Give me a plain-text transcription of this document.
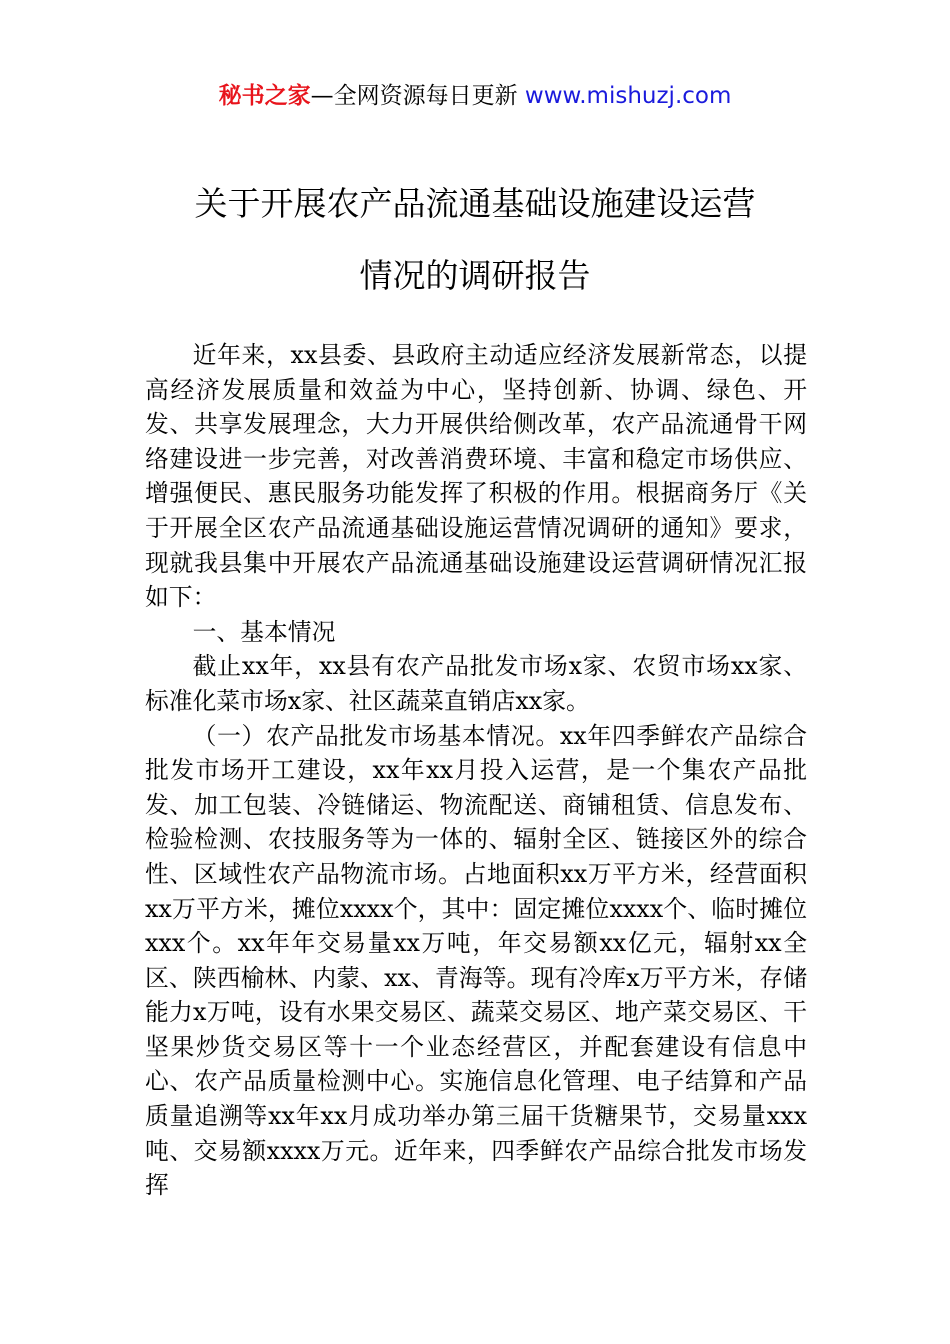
秘书之家—全网资源每日更新 www.mishuzj.com
关于开展农产品流通基础设施建设运营
情况的调研报告

近年来，xx县委、县政府主动适应经济发展新常态，以提高经济发展质量和效益为中心，坚持创新、协调、绿色、开发、共享发展理念，大力开展供给侧改革，农产品流通骨干网络建设进一步完善，对改善消费环境、丰富和稳定市场供应、增强便民、惠民服务功能发挥了积极的作用。根据商务厅《关于开展全区农产品流通基础设施运营情况调研的通知》要求，现就我县集中开展农产品流通基础设施建设运营调研情况汇报如下：

一、基本情况

截止xx年，xx县有农产品批发市场x家、农贸市场xx家、标准化菜市场x家、社区蔬菜直销店xx家。

（一）农产品批发市场基本情况。xx年四季鲜农产品综合批发市场开工建设，xx年xx月投入运营，是一个集农产品批发、加工包装、冷链储运、物流配送、商铺租赁、信息发布、检验检测、农技服务等为一体的、辐射全区、链接区外的综合性、区域性农产品物流市场。占地面积xx万平方米，经营面积xx万平方米，摊位xxxx个，其中：固定摊位xxxx个、临时摊位xxx个。xx年年交易量xx万吨，年交易额xx亿元，辐射xx全区、陕西榆林、内蒙、xx、青海等。现有冷库x万平方米，存储能力x万吨，设有水果交易区、蔬菜交易区、地产菜交易区、干坚果炒货交易区等十一个业态经营区，并配套建设有信息中心、农产品质量检测中心。实施信息化管理、电子结算和产品质量追溯等xx年xx月成功举办第三届干货糖果节，交易量xxx吨、交易额xxxx万元。近年来，四季鲜农产品综合批发市场发挥
